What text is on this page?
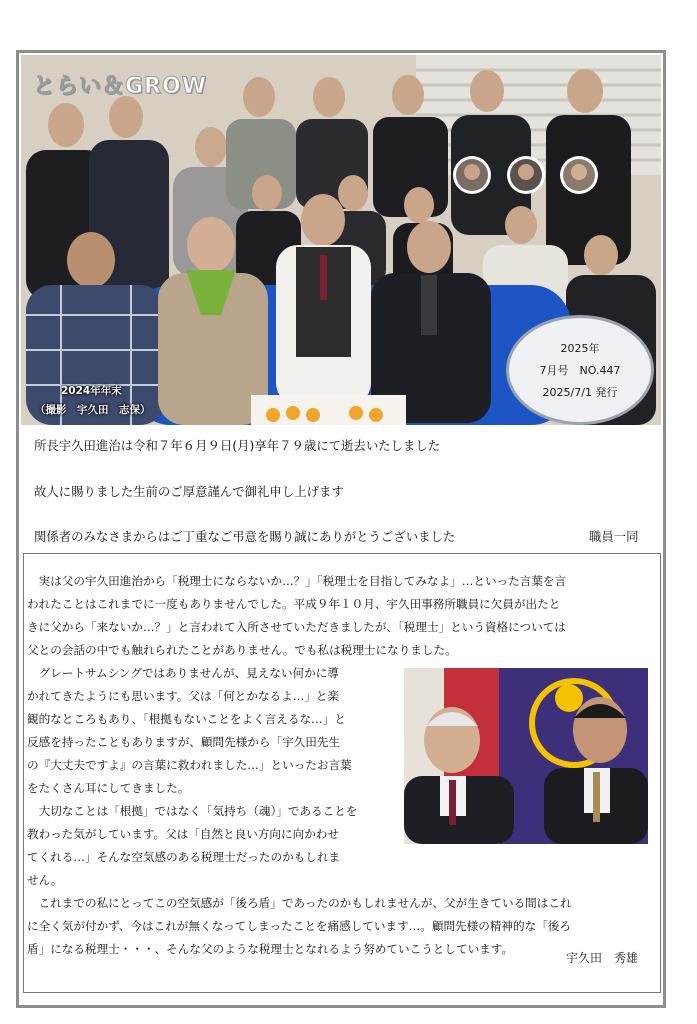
とらい＆GROW
2024年年末
（撮影　宇久田　志保）
2025年
7月号　NO.447
2025/7/1 発行
所長宇久田進治は令和７年６月９日(月)享年７９歳にて逝去いたしました
故人に賜りました生前のご厚意謹んで御礼申し上げます
関係者のみなさまからはご丁重なご弔意を賜り誠にありがとうございました	職員一同
　実は父の宇久田進治から「税理士にならないか…？」「税理士を目指してみなよ」…といった言葉を言
われたことはこれまでに一度もありませんでした。平成９年１０月、宇久田事務所職員に欠員が出たと
きに父から「来ないか…？」と言われて入所させていただきましたが、「税理士」という資格については
父との会話の中でも触れられたことがありません。でも私は税理士になりました。
　グレートサムシングではありませんが、見えない何かに導
かれてきたようにも思います。父は「何とかなるよ…」と楽
観的なところもあり、「根拠もないことをよく言えるな…」と
反感を持ったこともありますが、顧問先様から「宇久田先生
の『大丈夫ですよ』の言葉に救われました…」といったお言葉
をたくさん耳にしてきました。
　大切なことは「根拠」ではなく「気持ち（魂）」であることを
教わった気がしています。父は「自然と良い方向に向かわせ
てくれる…」そんな空気感のある税理士だったのかもしれま
せん。
　これまでの私にとってこの空気感が「後ろ盾」であったのかもしれませんが、父が生きている間はこれ
に全く気が付かず、今はこれが無くなってしまったことを痛感しています…。顧問先様の精神的な「後ろ
盾」になる税理士・・・、そんな父のような税理士となれるよう努めていこうとしています。
宇久田　秀雄
